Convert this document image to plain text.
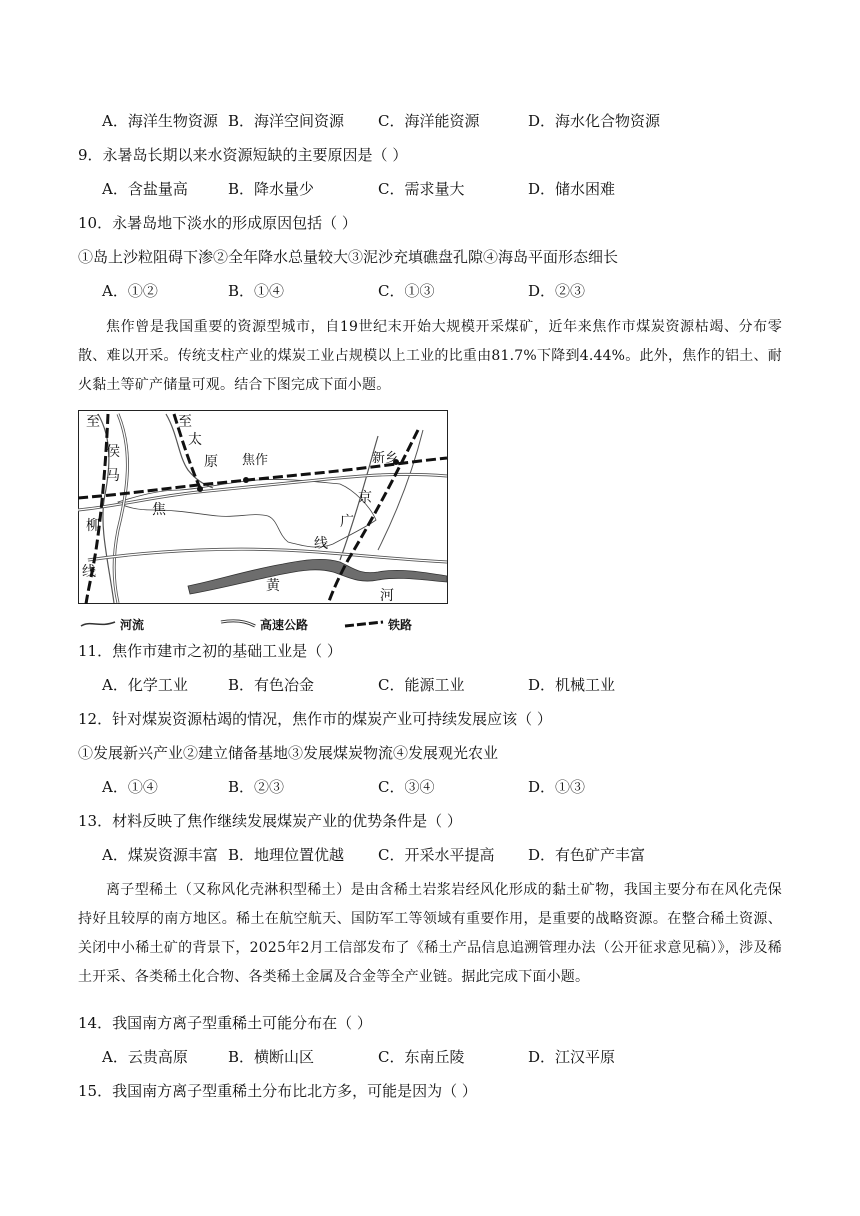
A．海洋生物资源 B．海洋空间资源 C．海洋能资源	D．海水化合物资源
9．永暑岛长期以来水资源短缺的主要原因是（ ）
A．含盐量高	B．降水量少	C．需求量大	D．储水困难
10．永暑岛地下淡水的形成原因包括（ ）
①岛上沙粒阻碍下渗②全年降水总量较大③泥沙充填礁盘孔隙④海岛平面形态细长
A．①②	B．①④	C．①③	D．②③
焦作曾是我国重要的资源型城市，自19世纪末开始大规模开采煤矿，近年来焦作市煤炭资源枯竭、分布零散、难以开采。传统支柱产业的煤炭工业占规模以上工业的比重由81.7%下降到4.44%。此外，焦作的铝土、耐火黏土等矿产储量可观。结合下图完成下面小题。
至
侯
马
柳
线
至
太
原 焦作	新乡
京
广
线
焦
黄
河
河流	高速公路	铁路
11．焦作市建市之初的基础工业是（ ）
A．化学工业	B．有色冶金	C．能源工业	D．机械工业
12．针对煤炭资源枯竭的情况，焦作市的煤炭产业可持续发展应该（ ）
①发展新兴产业②建立储备基地③发展煤炭物流④发展观光农业
A．①④	B．②③	C．③④	D．①③
13．材料反映了焦作继续发展煤炭产业的优势条件是（ ）
A．煤炭资源丰富 B．地理位置优越 C．开采水平提高 D．有色矿产丰富
离子型稀土（又称风化壳淋积型稀土）是由含稀土岩浆岩经风化形成的黏土矿物，我国主要分布在风化壳保持好且较厚的南方地区。稀土在航空航天、国防军工等领域有重要作用，是重要的战略资源。在整合稀土资源、关闭中小稀土矿的背景下，2025年2月工信部发布了《稀土产品信息追溯管理办法（公开征求意见稿）》，涉及稀土开采、各类稀土化合物、各类稀土金属及合金等全产业链。据此完成下面小题。
14．我国南方离子型重稀土可能分布在（ ）
A．云贵高原	B．横断山区	C．东南丘陵	D．江汉平原
15．我国南方离子型重稀土分布比北方多，可能是因为（ ）
